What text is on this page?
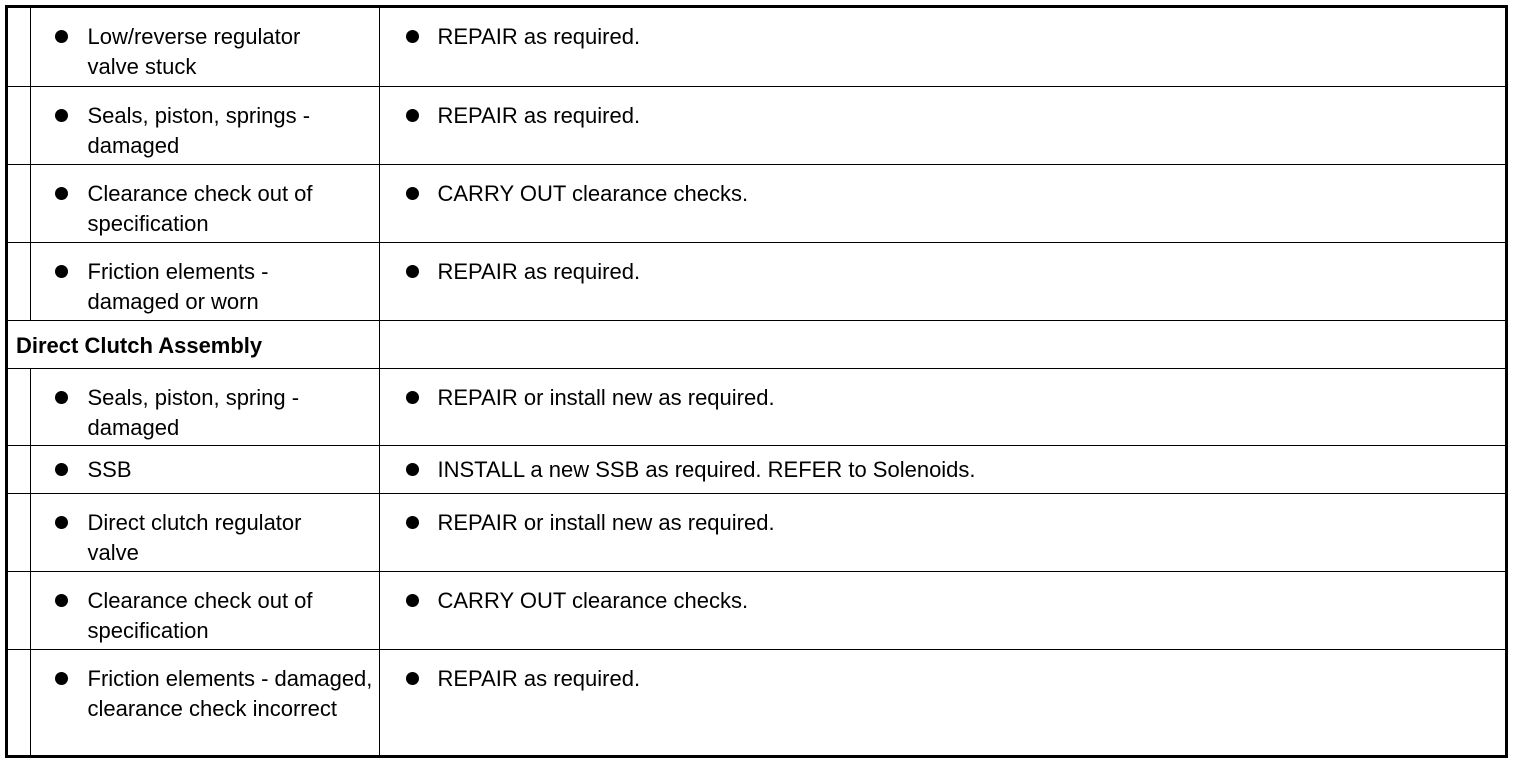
Low/reverse regulator valve stuck	REPAIR as required.

Seals, piston, springs - damaged	REPAIR as required.

Clearance check out of specification	CARRY OUT clearance checks.

Friction elements - damaged or worn	REPAIR as required.

Direct Clutch Assembly		

Seals, piston, spring - damaged	REPAIR or install new as required.

SSB	INSTALL a new SSB as required. REFER to Solenoids.

Direct clutch regulator valve	REPAIR or install new as required.

Clearance check out of specification	CARRY OUT clearance checks.

Friction elements - damaged, clearance check incorrect	REPAIR as required.
